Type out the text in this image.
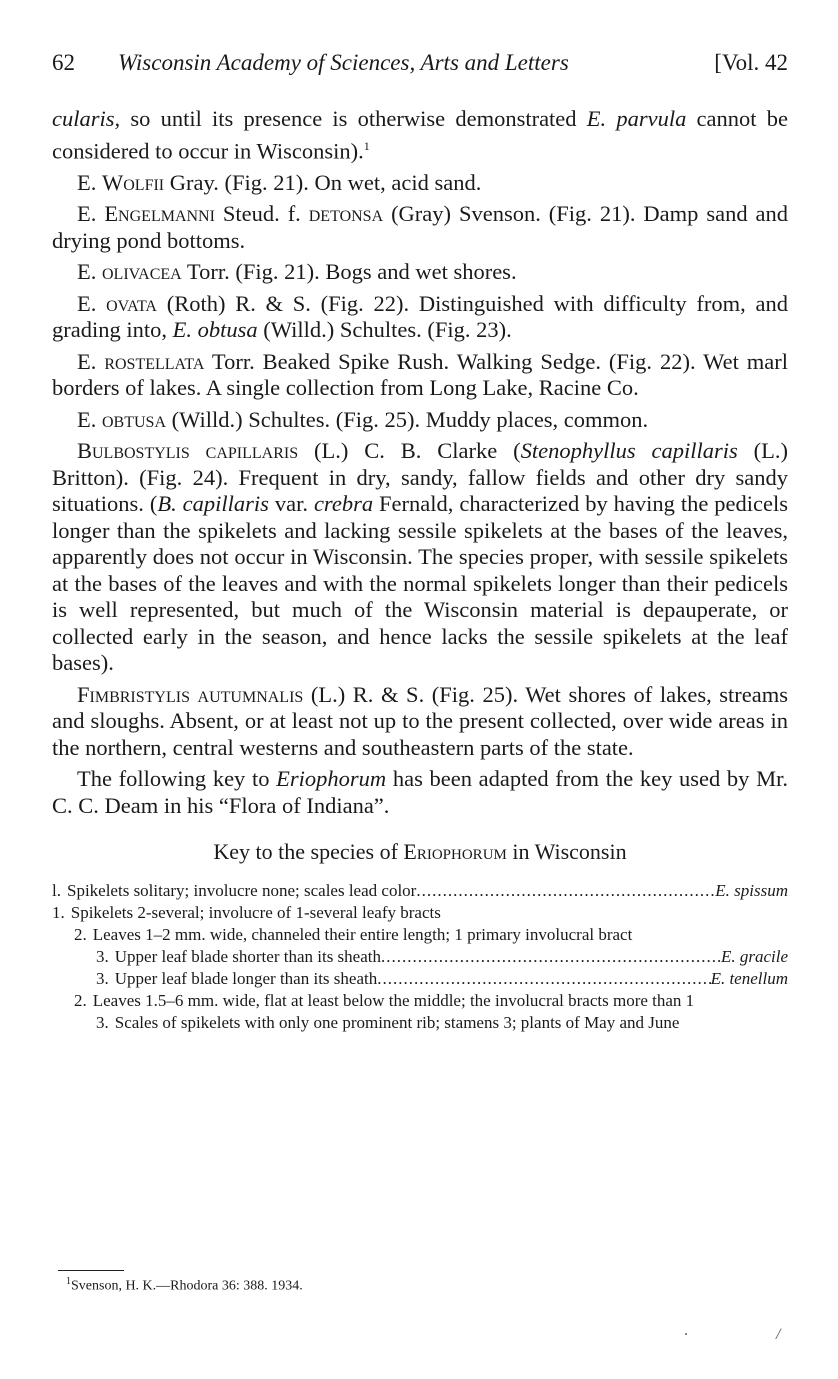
62 Wisconsin Academy of Sciences, Arts and Letters	[Vol. 42

cularis, so until its presence is otherwise demonstrated E. parvula cannot be considered to occur in Wisconsin).$^1$

E. Wolfii Gray. (Fig. 21). On wet, acid sand.

E. Engelmanni Steud. f. detonsa (Gray) Svenson. (Fig. 21). Damp sand and drying pond bottoms.

E. olivacea Torr. (Fig. 21). Bogs and wet shores.

E. ovata (Roth) R. & S. (Fig. 22). Distinguished with difficulty from, and grading into, E. obtusa (Willd.) Schultes. (Fig. 23).

E. rostellata Torr. Beaked Spike Rush. Walking Sedge. (Fig. 22). Wet marl borders of lakes. A single collection from Long Lake, Racine Co.

E. obtusa (Willd.) Schultes. (Fig. 25). Muddy places, common.

Bulbostylis capillaris (L.) C. B. Clarke (Stenophyllus capillaris (L.) Britton). (Fig. 24). Frequent in dry, sandy, fallow fields and other dry sandy situations. (B. capillaris var. crebra Fernald, characterized by having the pedicels longer than the spikelets and lacking sessile spikelets at the bases of the leaves, apparently does not occur in Wisconsin. The species proper, with sessile spikelets at the bases of the leaves and with the normal spikelets longer than their pedicels is well represented, but much of the Wisconsin material is depauperate, or collected early in the season, and hence lacks the sessile spikelets at the leaf bases).

Fimbristylis autumnalis (L.) R. & S. (Fig. 25). Wet shores of lakes, streams and sloughs. Absent, or at least not up to the present collected, over wide areas in the northern, central westerns and southeastern parts of the state.

The following key to Eriophorum has been adapted from the key used by Mr. C. C. Deam in his “Flora of Indiana”.

Key to the species of Eriophorum in Wisconsin
l. Spikelets solitary; involucre none; scales lead color .....	E. spissum
1. Spikelets 2-several; involucre of 1-several leafy bracts
2. Leaves 1–2 mm. wide, channeled their entire length; 1 primary involucral bract
3. Upper leaf blade shorter than its sheath .....	E. gracile
3. Upper leaf blade longer than its sheath .....	E. tenellum
2. Leaves 1.5–6 mm. wide, flat at least below the middle; the involucral bracts more than 1
3. Scales of spikelets with only one prominent rib; stamens 3; plants of May and June
$^1$Svenson, H. K.—Rhodora 36: 388. 1934.
.	/
